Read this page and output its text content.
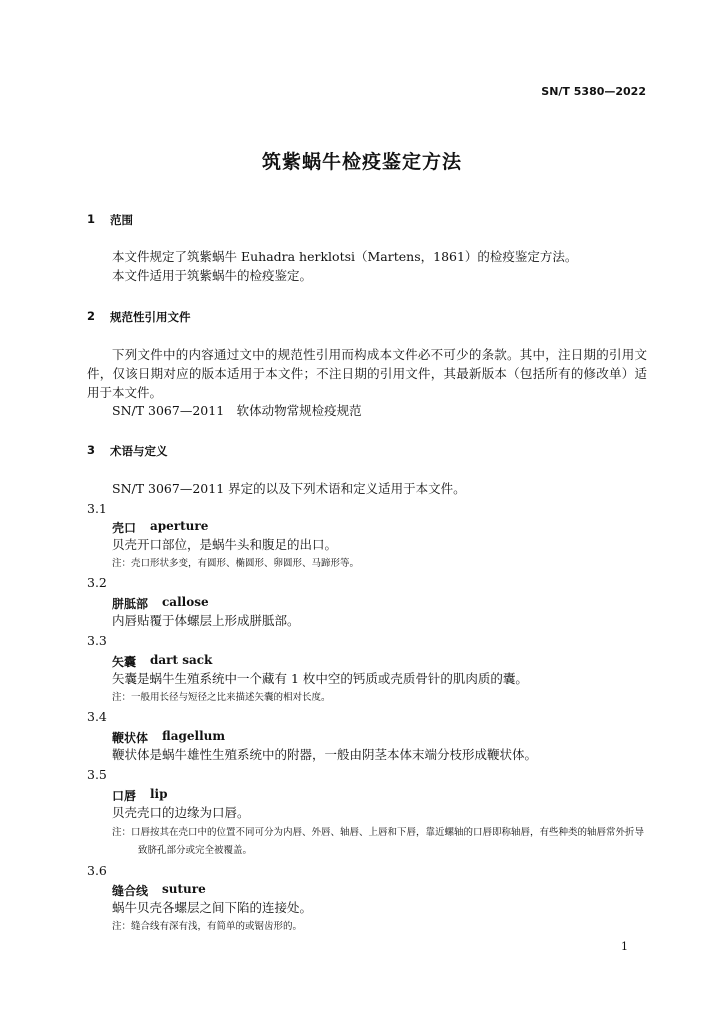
SN/T 5380—2022
筑紫蜗牛检疫鉴定方法
1 范围
本文件规定了筑紫蜗牛 Euhadra herklotsi（Martens，1861）的检疫鉴定方法。
本文件适用于筑紫蜗牛的检疫鉴定。
2 规范性引用文件
下列文件中的内容通过文中的规范性引用而构成本文件必不可少的条款。其中，注日期的引用文件，仅该日期对应的版本适用于本文件；不注日期的引用文件，其最新版本（包括所有的修改单）适用于本文件。
SN/T 3067—2011　软体动物常规检疫规范
3 术语与定义
SN/T 3067—2011 界定的以及下列术语和定义适用于本文件。
3.1
壳口 aperture
贝壳开口部位，是蜗牛头和腹足的出口。
注：壳口形状多变，有圆形、椭圆形、卵圆形、马蹄形等。
3.2
胼胝部 callose
内唇贴覆于体螺层上形成胼胝部。
3.3
矢囊 dart sack
矢囊是蜗牛生殖系统中一个藏有 1 枚中空的钙质或壳质骨针的肌肉质的囊。
注：一般用长径与短径之比来描述矢囊的相对长度。
3.4
鞭状体 flagellum
鞭状体是蜗牛雄性生殖系统中的附器，一般由阴茎本体末端分枝形成鞭状体。
3.5
口唇 lip
贝壳壳口的边缘为口唇。
注：口唇按其在壳口中的位置不同可分为内唇、外唇、轴唇、上唇和下唇，靠近螺轴的口唇即称轴唇，有些种类的轴唇常外折导致脐孔部分或完全被覆盖。
3.6
缝合线 suture
蜗牛贝壳各螺层之间下陷的连接处。
注：缝合线有深有浅，有简单的或锯齿形的。
1
